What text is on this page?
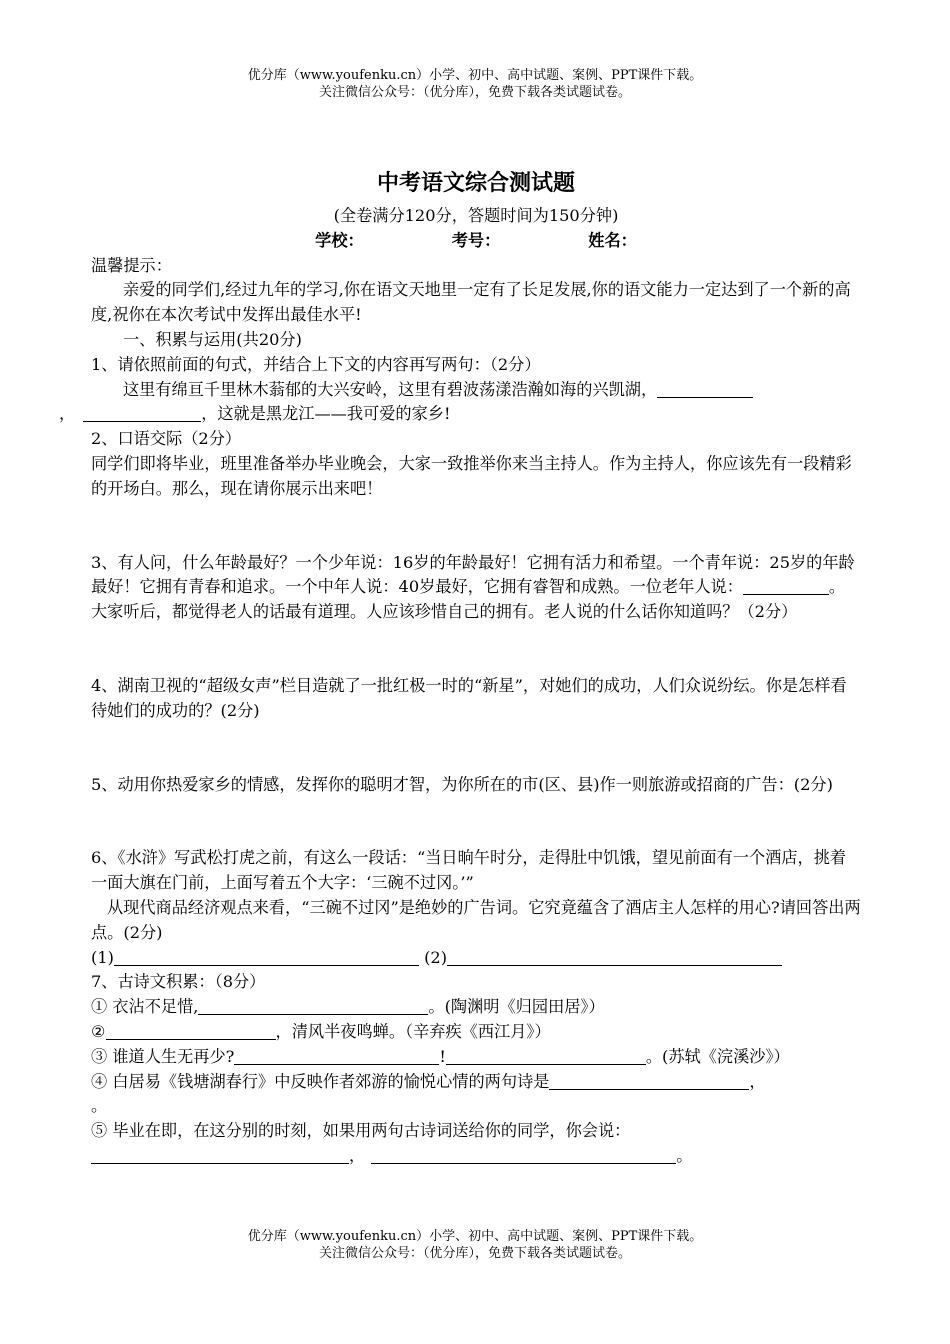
优分库（www.youfenku.cn）小学、初中、高中试题、案例、PPT课件下载。
关注微信公众号：（优分库），免费下载各类试题试卷。
中考语文综合测试题
(全卷满分120分，答题时间为150分钟)
学校：	考号：	姓名：

温馨提示：

亲爱的同学们,经过九年的学习,你在语文天地里一定有了长足发展,你的语文能力一定达到了一个新的高度,祝你在本次考试中发挥出最佳水平!

一、积累与运用(共20分)

1、请依照前面的句式，并结合上下文的内容再写两句：（2分）

这里有绵亘千里林木蓊郁的大兴安岭，这里有碧波荡漾浩瀚如海的兴凯湖，
，	，这就是黑龙江——我可爱的家乡!

2、口语交际（2分）

同学们即将毕业，班里准备举办毕业晚会，大家一致推举你来当主持人。作为主持人，你应该先有一段精彩的开场白。那么，现在请你展示出来吧！

3、有人问，什么年龄最好？一个少年说：16岁的年龄最好！它拥有活力和希望。一个青年说：25岁的年龄最好！它拥有青春和追求。一个中年人说：40岁最好，它拥有睿智和成熟。一位老年人说：	。大家听后，都觉得老人的话最有道理。人应该珍惜自己的拥有。老人说的什么话你知道吗？（2分）

4、湖南卫视的“超级女声”栏目造就了一批红极一时的“新星”，对她们的成功，人们众说纷纭。你是怎样看待她们的成功的？(2分)

5、动用你热爱家乡的情感，发挥你的聪明才智，为你所在的市(区、县)作一则旅游或招商的广告：(2分)

6、《水浒》写武松打虎之前，有这么一段话：“当日晌午时分，走得肚中饥饿，望见前面有一个酒店，挑着一面大旗在门前，上面写着五个大字：‘三碗不过冈。’”

从现代商品经济观点来看，“三碗不过冈”是绝妙的广告词。它究竟蕴含了酒店主人怎样的用心?请回答出两点。(2分)

(1)	(2)

7、古诗文积累：（8分）

① 衣沾不足惜,	。(陶渊明《归园田居》）

②	，清风半夜鸣蝉。（辛弃疾《西江月》）

③ 谁道人生无再少?	!	。(苏轼《浣溪沙》）

④ 白居易《钱塘湖春行》中反映作者郊游的愉悦心情的两句诗是	，

。

⑤ 毕业在即，在这分别的时刻，如果用两句古诗词送给你的同学，你会说：

，	。

优分库（www.youfenku.cn）小学、初中、高中试题、案例、PPT课件下载。
关注微信公众号：（优分库），免费下载各类试题试卷。
